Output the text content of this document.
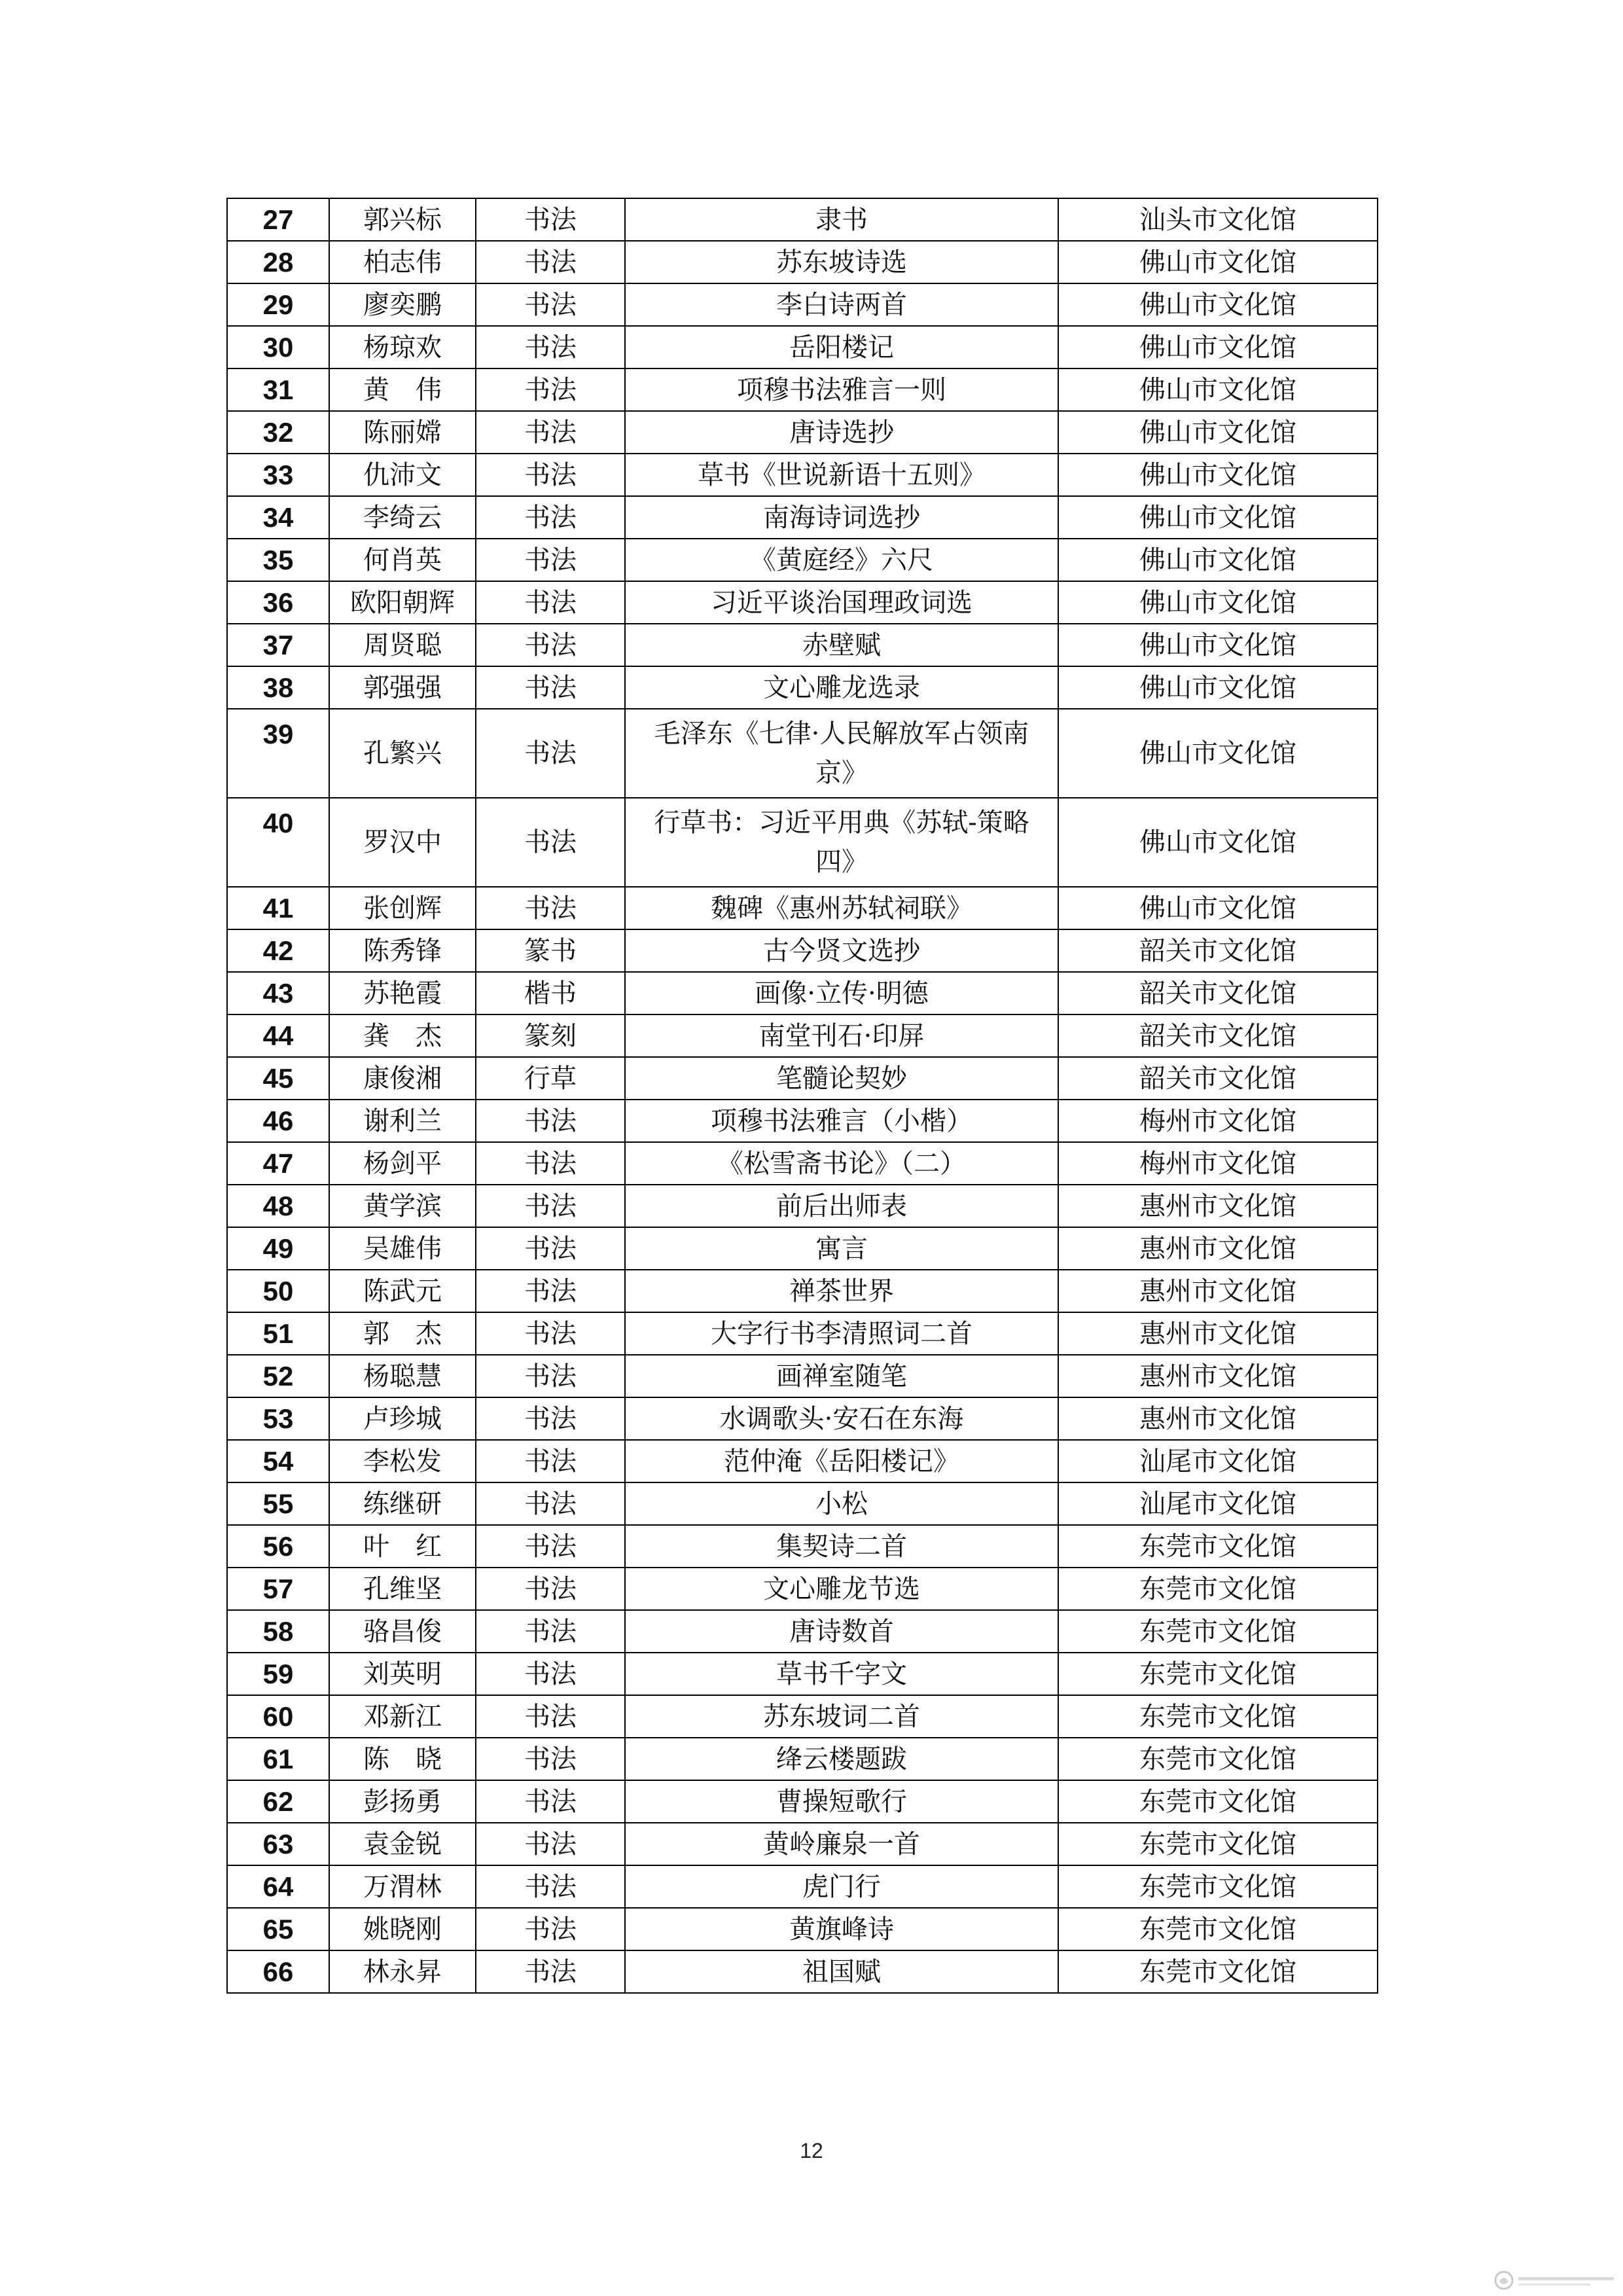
27	郭兴标	书法	隶书	汕头市文化馆
28	柏志伟	书法	苏东坡诗选	佛山市文化馆
29	廖奕鹏	书法	李白诗两首	佛山市文化馆
30	杨琼欢	书法	岳阳楼记	佛山市文化馆
31	黄　伟	书法	项穆书法雅言一则	佛山市文化馆
32	陈丽嫦	书法	唐诗选抄	佛山市文化馆
33	仇沛文	书法	草书《世说新语十五则》	佛山市文化馆
34	李绮云	书法	南海诗词选抄	佛山市文化馆
35	何肖英	书法	《黄庭经》六尺	佛山市文化馆
36	欧阳朝辉	书法	习近平谈治国理政词选	佛山市文化馆
37	周贤聪	书法	赤壁赋	佛山市文化馆
38	郭强强	书法	文心雕龙选录	佛山市文化馆
39	孔繁兴	书法	毛泽东《七律·人民解放军占领南京》	佛山市文化馆
40	罗汉中	书法	行草书：习近平用典《苏轼-策略四》	佛山市文化馆
41	张创辉	书法	魏碑《惠州苏轼祠联》	佛山市文化馆
42	陈秀锋	篆书	古今贤文选抄	韶关市文化馆
43	苏艳霞	楷书	画像·立传·明德	韶关市文化馆
44	龚　杰	篆刻	南堂刊石·印屏	韶关市文化馆
45	康俊湘	行草	笔髓论契妙	韶关市文化馆
46	谢利兰	书法	项穆书法雅言（小楷）	梅州市文化馆
47	杨剑平	书法	《松雪斋书论》（二）	梅州市文化馆
48	黄学滨	书法	前后出师表	惠州市文化馆
49	吴雄伟	书法	寓言	惠州市文化馆
50	陈武元	书法	禅茶世界	惠州市文化馆
51	郭　杰	书法	大字行书李清照词二首	惠州市文化馆
52	杨聪慧	书法	画禅室随笔	惠州市文化馆
53	卢珍城	书法	水调歌头·安石在东海	惠州市文化馆
54	李松发	书法	范仲淹《岳阳楼记》	汕尾市文化馆
55	练继研	书法	小松	汕尾市文化馆
56	叶　红	书法	集契诗二首	东莞市文化馆
57	孔维坚	书法	文心雕龙节选	东莞市文化馆
58	骆昌俊	书法	唐诗数首	东莞市文化馆
59	刘英明	书法	草书千字文	东莞市文化馆
60	邓新江	书法	苏东坡词二首	东莞市文化馆
61	陈　晓	书法	绛云楼题跋	东莞市文化馆
62	彭扬勇	书法	曹操短歌行	东莞市文化馆
63	袁金锐	书法	黄岭廉泉一首	东莞市文化馆
64	万渭林	书法	虎门行	东莞市文化馆
65	姚晓刚	书法	黄旗峰诗	东莞市文化馆
66	林永昇	书法	祖国赋	东莞市文化馆
12
